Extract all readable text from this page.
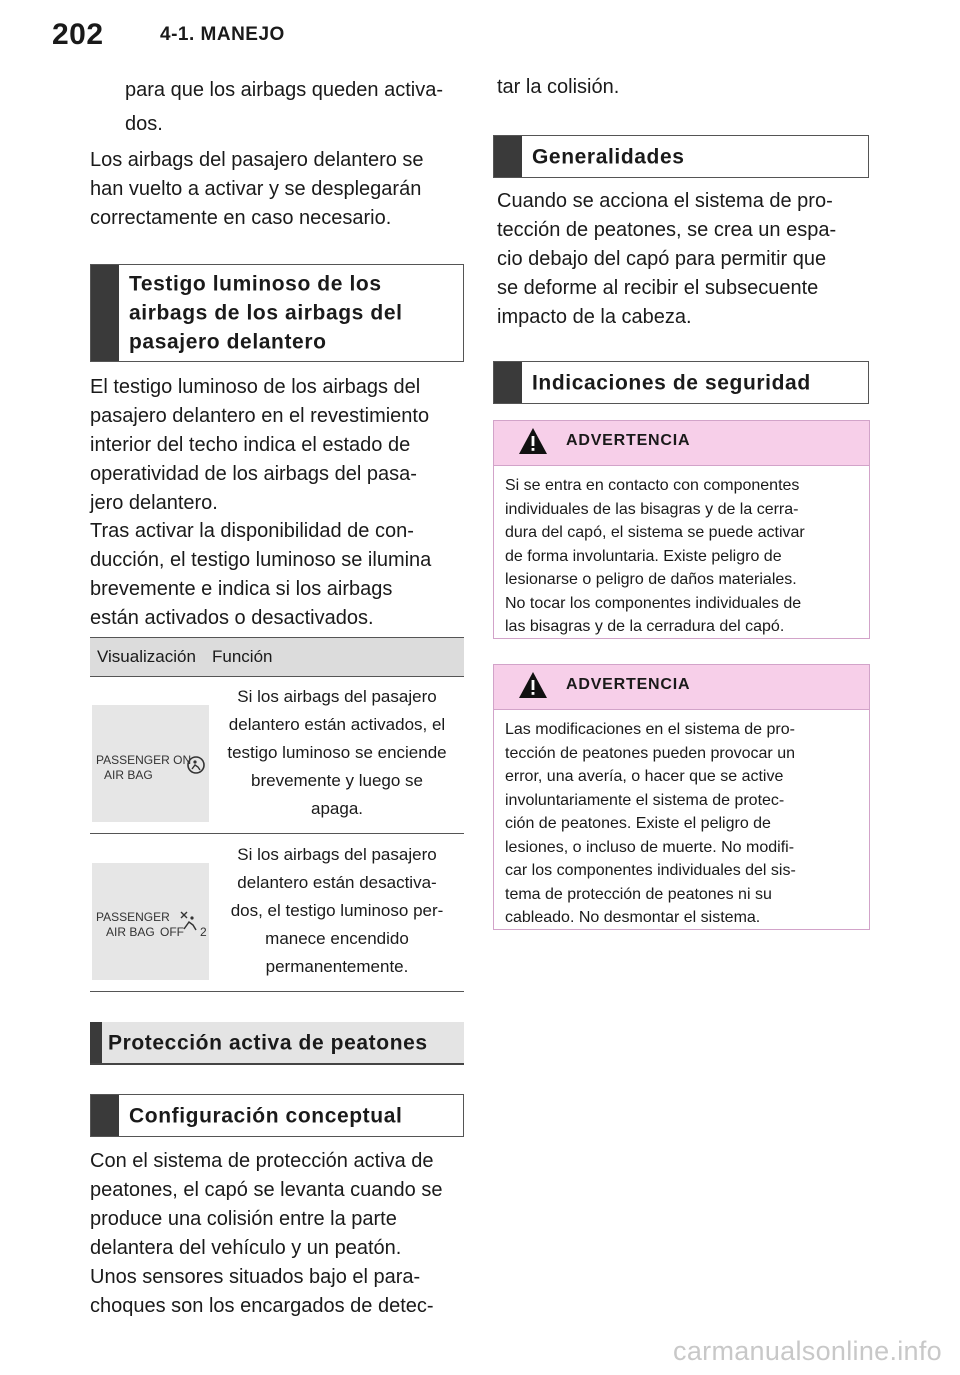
202	4-1. MANEJO
para que los airbags queden activa-
dos.
Los airbags del pasajero delantero se
han vuelto a activar y se desplegarán
correctamente en caso necesario.
Testigo luminoso de los
airbags de los airbags del
pasajero delantero
El testigo luminoso de los airbags del
pasajero delantero en el revestimiento
interior del techo indica el estado de
operatividad de los airbags del pasa-
jero delantero.
Tras activar la disponibilidad de con-
ducción, el testigo luminoso se ilumina
brevemente e indica si los airbags
están activados o desactivados.
Visualización Función
PASSENGER ON
AIR BAG
Si los airbags del pasajero
delantero están activados, el
testigo luminoso se enciende
brevemente y luego se
apaga.
PASSENGER
AIR BAG OFF 2
Si los airbags del pasajero
delantero están desactiva-
dos, el testigo luminoso per-
manece encendido
permanentemente.
Protección activa de peatones
Configuración conceptual
Con el sistema de protección activa de
peatones, el capó se levanta cuando se
produce una colisión entre la parte
delantera del vehículo y un peatón.
Unos sensores situados bajo el para-
choques son los encargados de detec-
tar la colisión.
Generalidades
Cuando se acciona el sistema de pro-
tección de peatones, se crea un espa-
cio debajo del capó para permitir que
se deforme al recibir el subsecuente
impacto de la cabeza.
Indicaciones de seguridad
ADVERTENCIA
Si se entra en contacto con componentes
individuales de las bisagras y de la cerra-
dura del capó, el sistema se puede activar
de forma involuntaria. Existe peligro de
lesionarse o peligro de daños materiales.
No tocar los componentes individuales de
las bisagras y de la cerradura del capó.
ADVERTENCIA
Las modificaciones en el sistema de pro-
tección de peatones pueden provocar un
error, una avería, o hacer que se active
involuntariamente el sistema de protec-
ción de peatones. Existe el peligro de
lesiones, o incluso de muerte. No modifi-
car los componentes individuales del sis-
tema de protección de peatones ni su
cableado. No desmontar el sistema.
carmanualsonline.info
